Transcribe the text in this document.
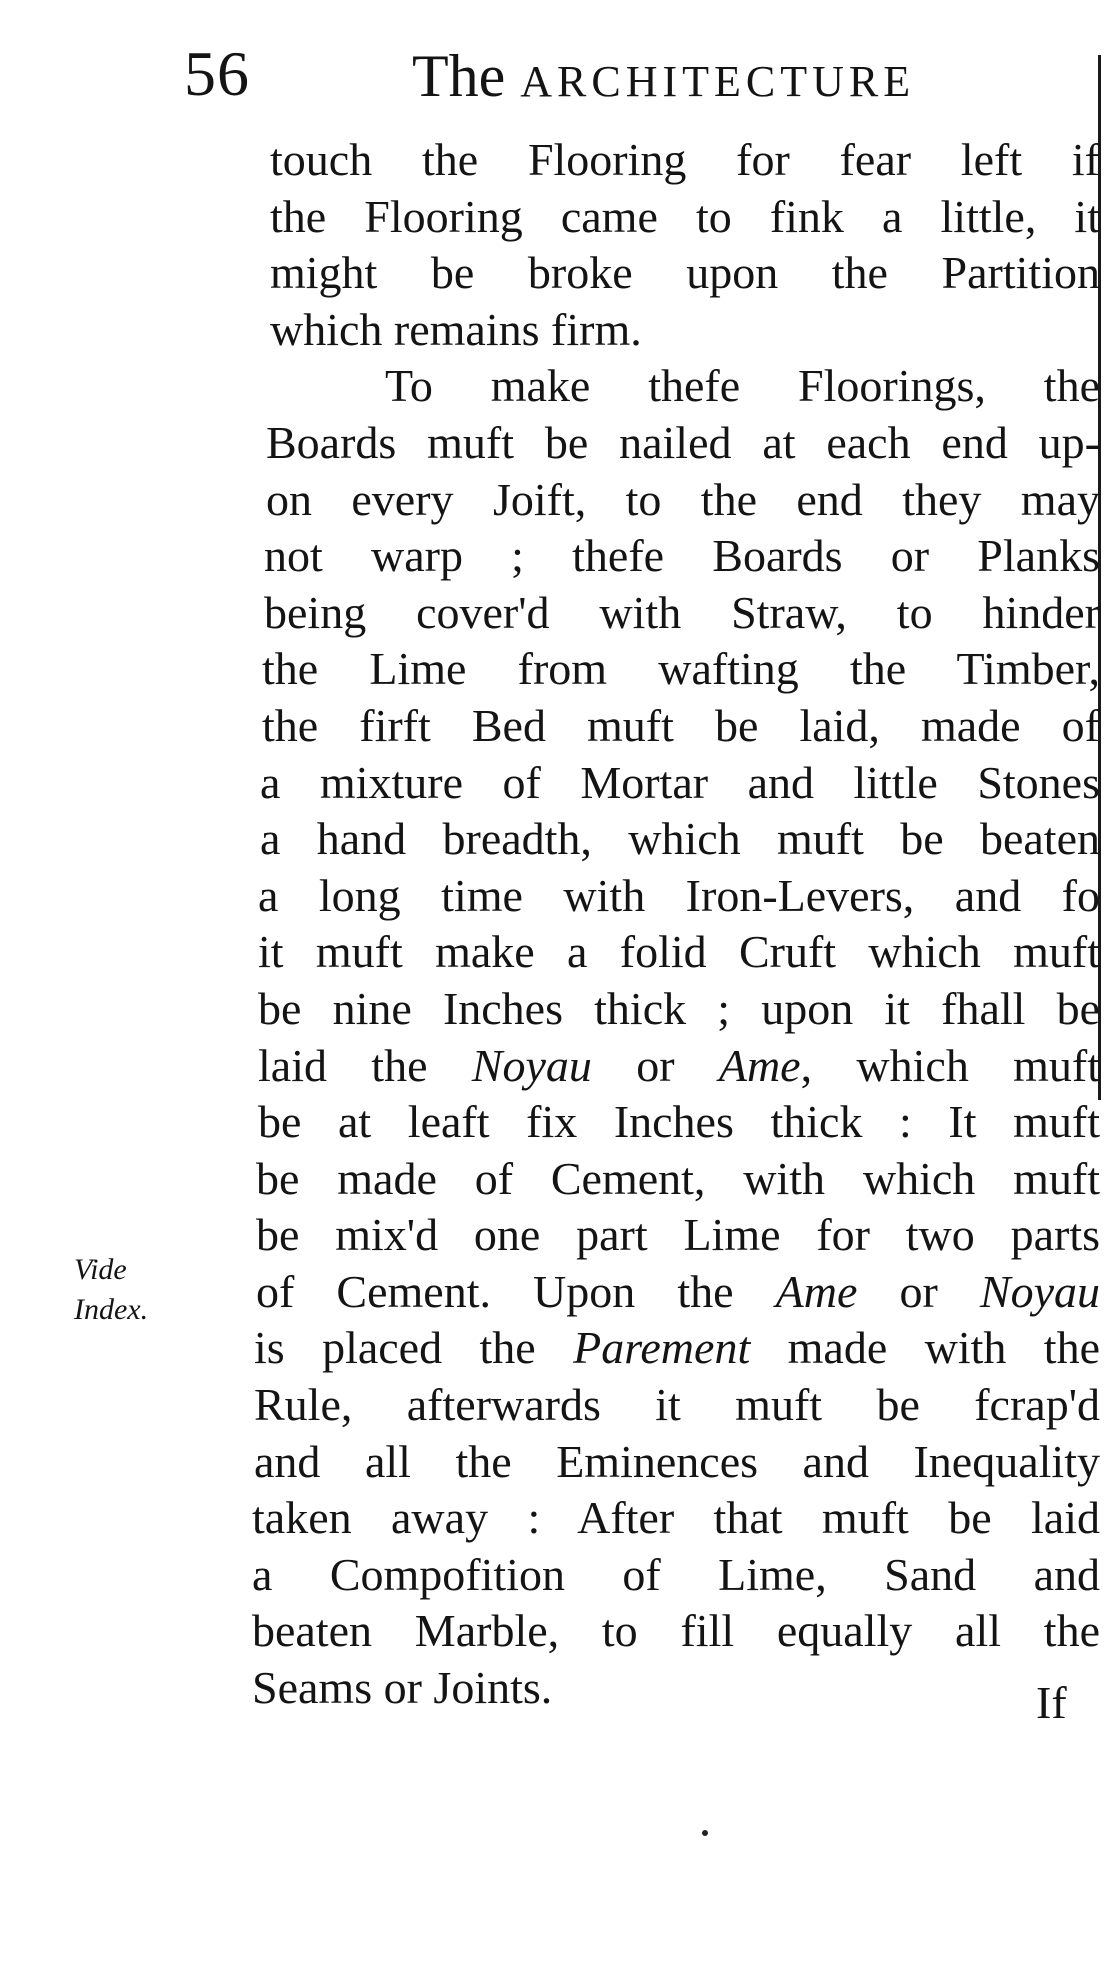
56	The ARCHITECTURE
Vide
Index.
touch the Flooring for fear left if
the Flooring came to fink a little, it
might be broke upon the Partition
which remains firm.
To  make  thefe  Floorings,  the
Boards muft be nailed at each end up-
on every Joift, to the end they may
not warp ; thefe Boards or Planks
being cover'd with Straw, to hinder
the Lime from wafting the Timber,
the firft Bed muft be laid, made of
a mixture of Mortar and little Stones
a hand breadth, which muft be beaten
a long time with Iron-Levers, and fo
it muft make a folid Cruft which muft
be nine Inches thick ; upon it fhall be
laid the Noyau or Ame, which muft
be at leaft fix Inches thick : It muft
be made of Cement, with which muft
be mix'd one part Lime for two parts
of Cement. Upon the Ame or Noyau
is placed the Parement made with the
Rule, afterwards it muft be fcrap'd
and all the Eminences and Inequality
taken away : After that muft be laid
a Compofition of Lime, Sand and
beaten Marble, to fill equally all the
Seams or Joints.	If
